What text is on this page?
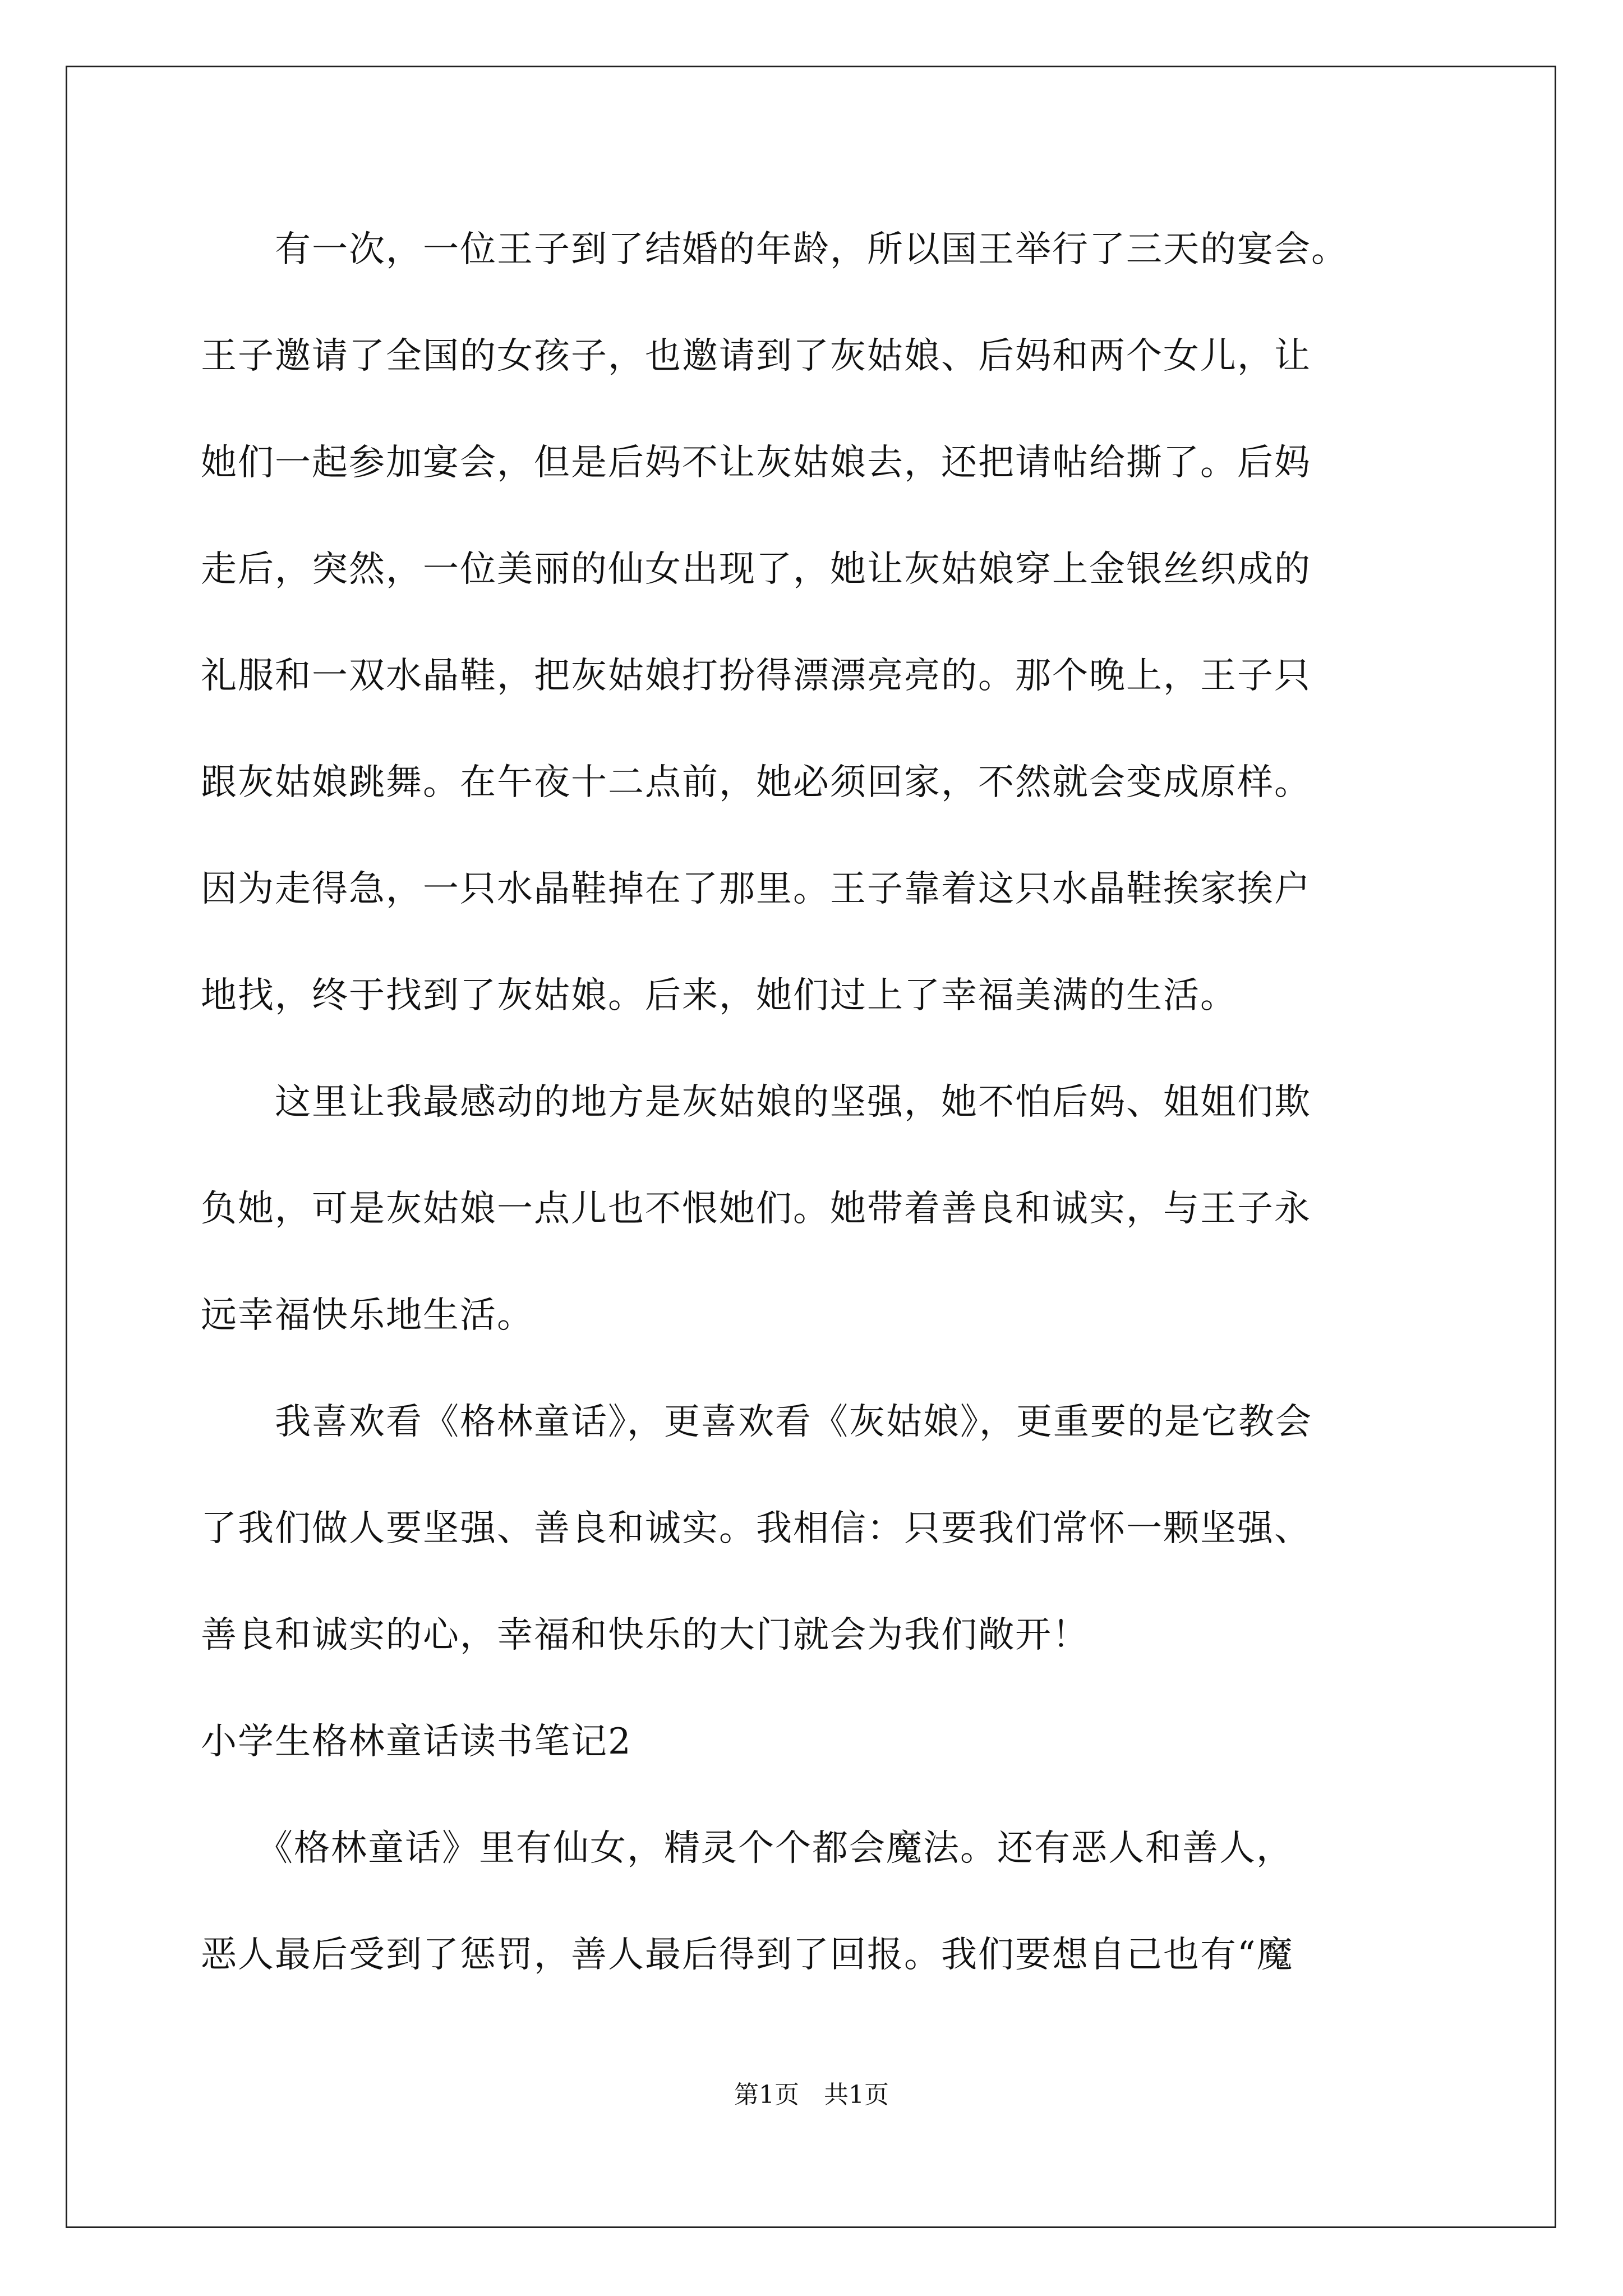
　　有一次，一位王子到了结婚的年龄，所以国王举行了三天的宴会。
王子邀请了全国的女孩子，也邀请到了灰姑娘、后妈和两个女儿，让
她们一起参加宴会，但是后妈不让灰姑娘去，还把请帖给撕了。后妈
走后，突然，一位美丽的仙女出现了，她让灰姑娘穿上金银丝织成的
礼服和一双水晶鞋，把灰姑娘打扮得漂漂亮亮的。那个晚上，王子只
跟灰姑娘跳舞。在午夜十二点前，她必须回家，不然就会变成原样。
因为走得急，一只水晶鞋掉在了那里。王子靠着这只水晶鞋挨家挨户
地找，终于找到了灰姑娘。后来，她们过上了幸福美满的生活。
　　这里让我最感动的地方是灰姑娘的坚强，她不怕后妈、姐姐们欺
负她，可是灰姑娘一点儿也不恨她们。她带着善良和诚实，与王子永
远幸福快乐地生活。
　　我喜欢看《格林童话》，更喜欢看《灰姑娘》，更重要的是它教会
了我们做人要坚强、善良和诚实。我相信：只要我们常怀一颗坚强、
善良和诚实的心，幸福和快乐的大门就会为我们敞开！
小学生格林童话读书笔记2
　　《格林童话》里有仙女，精灵个个都会魔法。还有恶人和善人，
恶人最后受到了惩罚，善人最后得到了回报。我们要想自己也有“魔
第1页　共1页
